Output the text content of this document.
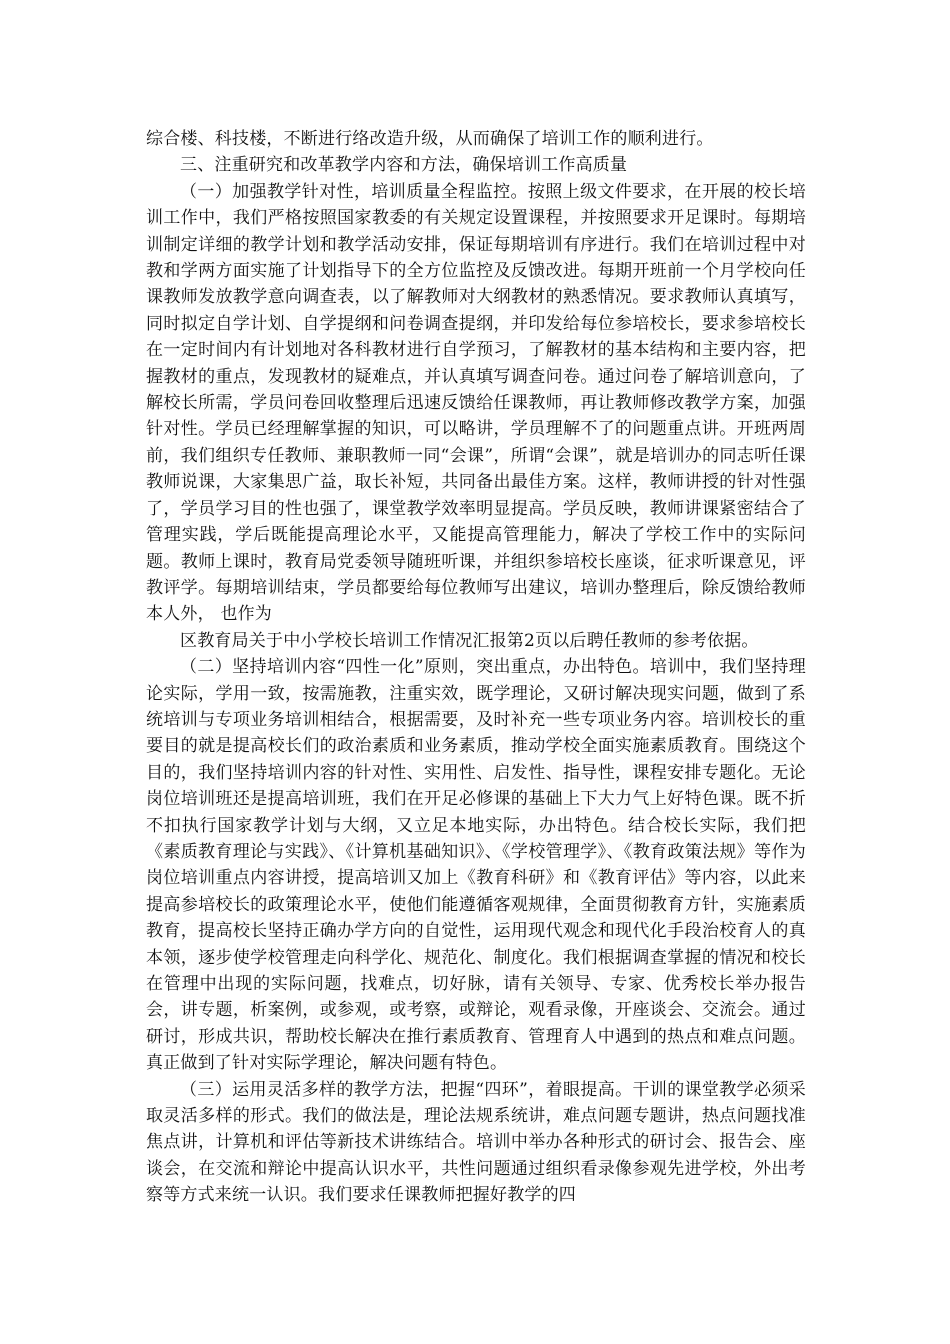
综合楼、科技楼，不断进行络改造升级，从而确保了培训工作的顺利进行。

三、注重研究和改革教学内容和方法，确保培训工作高质量

（一）加强教学针对性，培训质量全程监控。按照上级文件要求，在开展的校长培训工作中，我们严格按照国家教委的有关规定设置课程，并按照要求开足课时。每期培训制定详细的教学计划和教学活动安排，保证每期培训有序进行。我们在培训过程中对教和学两方面实施了计划指导下的全方位监控及反馈改进。每期开班前一个月学校向任课教师发放教学意向调查表，以了解教师对大纲教材的熟悉情况。要求教师认真填写，同时拟定自学计划、自学提纲和问卷调查提纲，并印发给每位参培校长，要求参培校长在一定时间内有计划地对各科教材进行自学预习，了解教材的基本结构和主要内容，把握教材的重点，发现教材的疑难点，并认真填写调查问卷。通过问卷了解培训意向，了解校长所需，学员问卷回收整理后迅速反馈给任课教师，再让教师修改教学方案，加强针对性。学员已经理解掌握的知识，可以略讲，学员理解不了的问题重点讲。开班两周前，我们组织专任教师、兼职教师一同“会课”，所谓“会课”，就是培训办的同志听任课教师说课，大家集思广益，取长补短，共同备出最佳方案。这样，教师讲授的针对性强了，学员学习目的性也强了，课堂教学效率明显提高。学员反映，教师讲课紧密结合了管理实践，学后既能提高理论水平，又能提高管理能力，解决了学校工作中的实际问题。教师上课时，教育局党委领导随班听课，并组织参培校长座谈，征求听课意见，评教评学。每期培训结束，学员都要给每位教师写出建议，培训办整理后，除反馈给教师本人外， 也作为

区教育局关于中小学校长培训工作情况汇报第2页以后聘任教师的参考依据。

（二）坚持培训内容“四性一化”原则，突出重点，办出特色。培训中，我们坚持理论实际，学用一致，按需施教，注重实效，既学理论，又研讨解决现实问题，做到了系统培训与专项业务培训相结合，根据需要，及时补充一些专项业务内容。培训校长的重要目的就是提高校长们的政治素质和业务素质，推动学校全面实施素质教育。围绕这个目的，我们坚持培训内容的针对性、实用性、启发性、指导性，课程安排专题化。无论岗位培训班还是提高培训班，我们在开足必修课的基础上下大力气上好特色课。既不折不扣执行国家教学计划与大纲，又立足本地实际，办出特色。结合校长实际，我们把《素质教育理论与实践》、《计算机基础知识》、《学校管理学》、《教育政策法规》等作为岗位培训重点内容讲授，提高培训又加上《教育科研》和《教育评估》等内容，以此来提高参培校长的政策理论水平，使他们能遵循客观规律，全面贯彻教育方针，实施素质教育，提高校长坚持正确办学方向的自觉性，运用现代观念和现代化手段治校育人的真本领，逐步使学校管理走向科学化、规范化、制度化。我们根据调查掌握的情况和校长在管理中出现的实际问题，找难点，切好脉，请有关领导、专家、优秀校长举办报告会，讲专题，析案例，或参观，或考察，或辩论，观看录像，开座谈会、交流会。通过研讨，形成共识，帮助校长解决在推行素质教育、管理育人中遇到的热点和难点问题。真正做到了针对实际学理论，解决问题有特色。

（三）运用灵活多样的教学方法，把握“四环”，着眼提高。干训的课堂教学必须采取灵活多样的形式。我们的做法是，理论法规系统讲，难点问题专题讲，热点问题找准焦点讲，计算机和评估等新技术讲练结合。培训中举办各种形式的研讨会、报告会、座谈会，在交流和辩论中提高认识水平，共性问题通过组织看录像参观先进学校，外出考察等方式来统一认识。我们要求任课教师把握好教学的四
